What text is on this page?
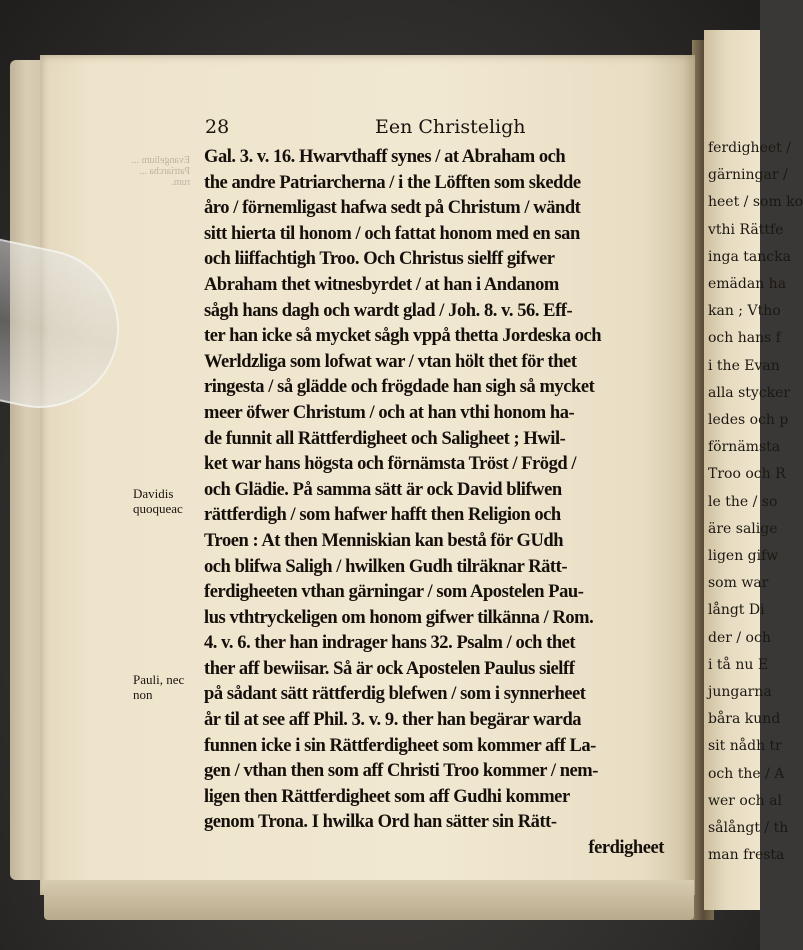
ferdigheet /
gärningar /
heet / som ko
vthi Rättfe
inga tancka
emädan ha
kan ; Vtho
och hans f
i the Evan
alla stycker
ledes och p
förnämsta
Troo och R
le the / so
äre salige
ligen gifw
som war
långt Di
der / och
i tå nu E
jungarna
båra kund
sit nådh tr
och the / A
wer och al
sålångt / th
man fresta
Evangelium ... Patriarcha ... rum.
28	Een Christeligh
Gal. 3. v. 16. Hwarvthaff synes / at Abraham och
the andre Patriarcherna / i the Löfften som skedde
åro / förnemligast hafwa sedt på Christum / wändt
sitt hierta til honom / och fattat honom med en san
och liiffachtigh Troo. Och Christus sielff gifwer
Abraham thet witnesbyrdet / at han i Andanom
sågh hans dagh och wardt glad / Joh. 8. v. 56. Eff-
ter han icke så mycket sågh vppå thetta Jordeska och
Werldzliga som lofwat war / vtan hölt thet för thet
ringesta / så glädde och frögdade han sigh så mycket
meer öfwer Christum / och at han vthi honom ha-
de funnit all Rättferdigheet och Saligheet ; Hwil-
ket war hans högsta och förnämsta Tröst / Frögd /
och Glädie. På samma sätt är ock David blifwen
rättferdigh / som hafwer hafft then Religion och
Troen : At then Menniskian kan bestå för GUdh
och blifwa Saligh / hwilken Gudh tilräknar Rätt-
ferdigheeten vthan gärningar / som Apostelen Pau-
lus vthtryckeligen om honom gifwer tilkänna / Rom.
4. v. 6. ther han indrager hans 32. Psalm / och thet
ther aff bewiisar. Så är ock Apostelen Paulus sielff
på sådant sätt rättferdig blefwen / som i synnerheet
år til at see aff Phil. 3. v. 9. ther han begärar warda
funnen icke i sin Rättferdigheet som kommer aff La-
gen / vthan then som aff Christi Troo kommer / nem-
ligen then Rättferdigheet som aff Gudhi kommer
genom Trona. I hwilka Ord han sätter sin Rätt-
ferdigheet
Davidis quoqueac
Pauli, nec non
